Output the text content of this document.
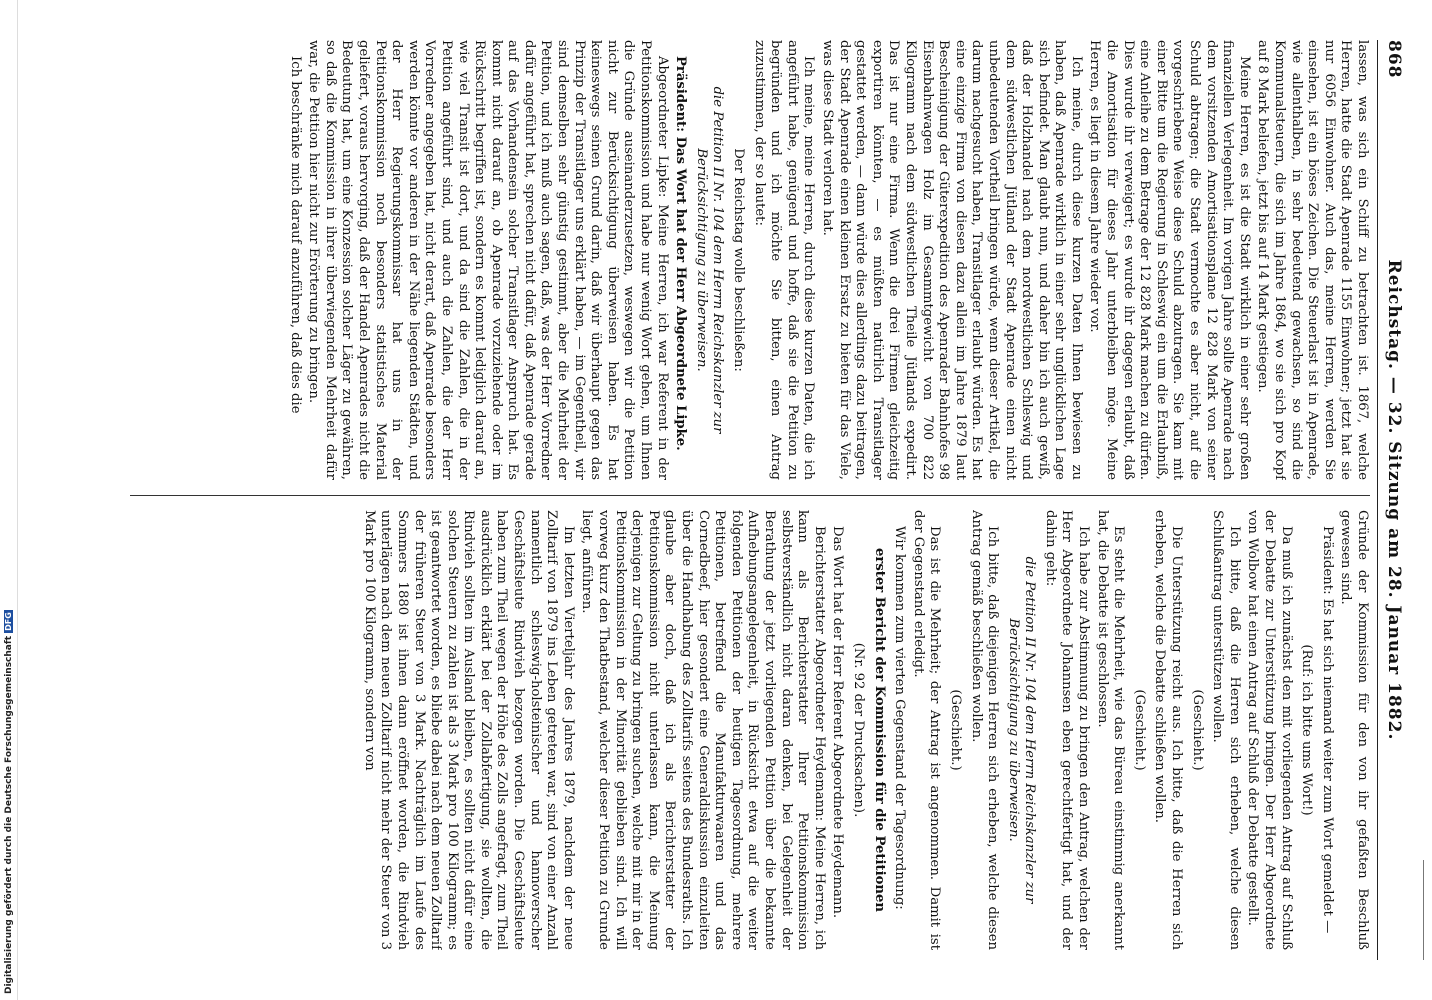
Digitalisierung gefördert durch die Deutsche ForschungsgemeinschaftDFG
868
Reichstag. — 32. Sitzung am 28. Januar 1882.

lassen, was sich ein Schiff zu betrachten ist. 1867, welche Herren, hatte die Stadt Apenrade 1155 Einwohner; jetzt hat sie nur 6056 Einwohner. Auch das, meine Herren, werden Sie einsehen, ist ein böses Zeichen. Die Steuerlast ist in Apenrade, wie allenthalben, in sehr bedeutend gewachsen, so sind die Kommunalsteuern, die sich im Jahre 1864, wo sie sich pro Kopf auf 8 Mark beliefen, jetzt bis auf 14 Mark gestiegen.

Meine Herren, es ist die Stadt wirklich in einer sehr großen finanziellen Verlegenheit. Im vorigen Jahre sollte Apenrade nach dem vorsitzenden Amortisationsplane 12 828 Mark von seiner Schuld abtragen; die Stadt vermochte es aber nicht, auf die vorgeschriebene Weise diese Schuld abzutragen. Sie kam mit einer Bitte um die Regierung in Schleswig ein um die Erlaubniß, eine Anleihe zu dem Betrage der 12 828 Mark machen zu dürfen. Dies wurde ihr verweigert; es wurde ihr dagegen erlaubt, daß die Amortisation für dieses Jahr unterbleiben möge. Meine Herren, es liegt in diesem Jahre wieder vor.

Ich meine, durch diese kurzen Daten Ihnen bewiesen zu haben, daß Apenrade wirklich in einer sehr unglücklichen Lage sich befindet. Man glaubt nun, und daher bin ich auch gewiß, daß der Holzhandel nach dem nordwestlichen Schleswig und dem südwestlichen Jütland der Stadt Apenrade einen nicht unbedeutenden Vortheil bringen würde, wenn dieser Artikel, die darum nachgesucht haben, Transitlager erlaubt würden. Es hat eine einzige Firma von diesen dazu allein im Jahre 1879 laut Bescheinigung der Güterexpedition des Apenrader Bahnhofes 98 Eisenbahnwagen Holz im Gesammtgewicht von 700 822 Kilogramm nach dem südwestlichen Theile Jütlands expedirt. Das ist nur eine Firma. Wenn die drei Firmen gleichzeitig exportiren könnten, — es müßten natürlich Transitlager gestattet werden, — dann würde dies allerdings dazu beitragen, der Stadt Apenrade einen kleinen Ersatz zu bieten für das Viele, was diese Stadt verloren hat.

Ich meine, meine Herren, durch diese kurzen Daten, die ich angeführt habe, genügend und hoffe, daß sie die Petition zu begründen und ich möchte Sie bitten, einen Antrag zuzustimmen, der so lautet:

Der Reichstag wolle beschließen:

die Petition II Nr. 104 dem Herrn Reichskanzler zur Berücksichtigung zu überweisen.

Präsident: Das Wort hat der Herr Abgeordnete Lipke.

Abgeordneter Lipke: Meine Herren, ich war Referent in der Petitionskommission und habe nur wenig Wort gehen, um Ihnen die Gründe auseinanderzusetzen, weswegen wir die Petition nicht zur Berücksichtigung überweisen haben. Es hat keineswegs seinen Grund darin, daß wir überhaupt gegen das Prinzip der Transitlager uns erklärt haben, — im Gegentheil, wir sind demselben sehr günstig gestimmt, aber die Mehrheit der Petition, und ich muß auch sagen, daß, was der Herr Vorredner dafür angeführt hat, sprechen nicht dafür, daß Apenrade gerade auf das Vorhandensein solcher Transitlager Anspruch hat. Es kommt nicht darauf an, ob Apenrade vorzuziehende oder im Rückschritt begriffen ist, sondern es kommt lediglich darauf an, wie viel Transit ist dort, und da sind die Zahlen, die in der Petition angeführt sind, und auch die Zahlen, die der Herr Vorredner angegeben hat, nicht derart, daß Apenrade besonders werden könnte vor anderen in der Nähe liegenden Städten, und der Herr Regierungskommissar hat uns in der Petitionskommission noch besonders statistisches Material geliefert, voraus hervorging, daß der Handel Apenrades nicht die Bedeutung hat, um eine Konzession solcher Läger zu gewähren, so daß die Kommission in ihrer überwiegenden Mehrheit dafür war, die Petition hier nicht zur Erörterung zu bringen.

Ich beschränke mich darauf anzuführen, daß dies die

Gründe der Kommission für den von ihr gefaßten Beschluß gewesen sind.

Präsident: Es hat sich niemand weiter zum Wort gemeldet —

(Ruf: ich bitte ums Wort!)

Da muß ich zunächst den mit vorliegenden Antrag auf Schluß der Debatte zur Unterstützung bringen. Der Herr Abgeordnete von Wolbow hat einen Antrag auf Schluß der Debatte gestellt.

Ich bitte, daß die Herren sich erheben, welche diesen Schlußantrag unterstützen wollen.

(Geschieht.)

Die Unterstützung reicht aus. Ich bitte, daß die Herren sich erheben, welche die Debatte schließen wollen.

(Geschieht.)

Es steht die Mehrheit, wie das Büreau einstimmig anerkannt hat, die Debatte ist geschlossen.

Ich habe zur Abstimmung zu bringen den Antrag, welchen der Herr Abgeordnete Johannsen eben gerechtfertigt hat, und der dahin geht:

die Petition II Nr. 104 dem Herrn Reichskanzler zur Berücksichtigung zu überweisen.

Ich bitte, daß diejenigen Herren sich erheben, welche diesen Antrag gemäß beschließen wollen.

(Geschieht.)

Das ist die Mehrheit; der Antrag ist angenommen. Damit ist der Gegenstand erledigt.

Wir kommen zum vierten Gegenstand der Tagesordnung:

erster Bericht der Kommission für die Petitionen

(Nr. 92 der Drucksachen).

Das Wort hat der Herr Referent Abgeordnete Heydemann.

Berichterstatter Abgeordneter Heydemann: Meine Herren, ich kann als Berichterstatter Ihrer Petitionskommission selbstverständlich nicht daran denken, bei Gelegenheit der Berathung der jetzt vorliegenden Petition über die bekannte Aufhebungsangelegenheit, in Rücksicht etwa auf die weiter folgenden Petitionen der heutigen Tagesordnung, mehrere Petitionen, betreffend die Manufakturwaaren und das Cornedbeef, hier gesondert eine Generaldiskussion einzuleiten über die Handhabung des Zolltarifs seitens des Bundesraths. Ich glaube aber doch, daß ich als Berichterstatter der Petitionskommission nicht unterlassen kann, die Meinung derjenigen zur Geltung zu bringen suchen, welche mit mir in der Petitionskommission in der Minorität geblieben sind. Ich will vorweg kurz den Thatbestand, welcher dieser Petition zu Grunde liegt, anführen.

Im letzten Vierteljahr des Jahres 1879, nachdem der neue Zolltarif von 1879 ins Leben getreten war, sind von einer Anzahl namentlich schleswig-holsteinischer und hannoverscher Geschäftsleute Rindvieh bezogen worden. Die Geschäftsleute haben zum Theil wegen der Höhe des Zolls angefragt, zum Theil ausdrücklich erklärt bei der Zollabfertigung, sie wollten, die Rindvieh sollten im Ausland bleiben, es sollten nicht dafür eine solchen Steuern zu zahlen ist als 3 Mark pro 100 Kilogramm; es ist geantwortet worden, es bliebe dabei nach dem neuen Zolltarif der früheren Steuer von 3 Mark. Nachträglich im Laufe des Sommers 1880 ist ihnen dann eröffnet worden, die Rindvieh unterlägen nach dem neuen Zolltarif nicht mehr der Steuer von 3 Mark pro 100 Kilogramm, sondern von
